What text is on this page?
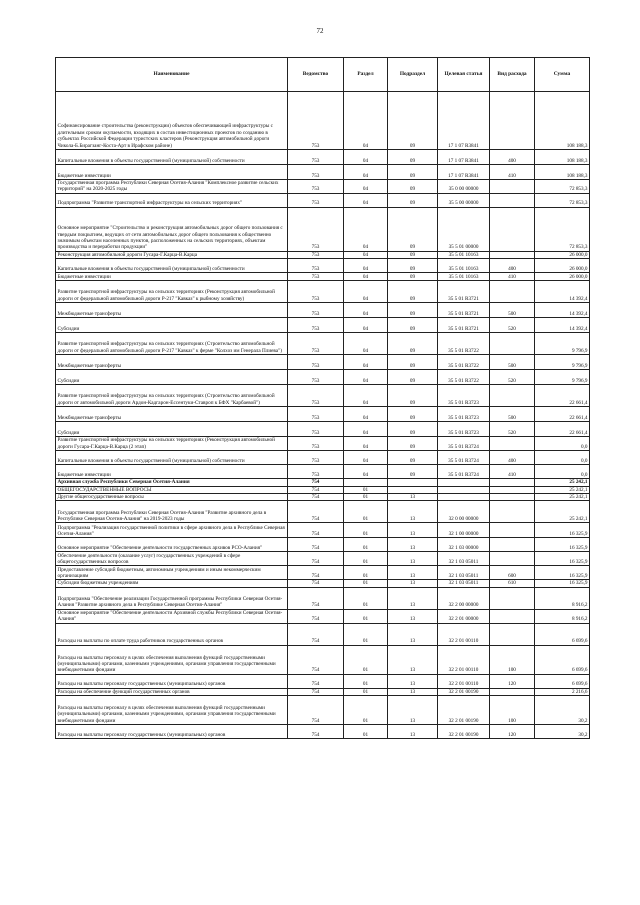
72
Наименование	Ведомство	Раздел	Подраздел	Целевая статья	Вид расхода	Сумма
Софинансирование строительства (реконструкции) объектов обеспечивающей инфраструктуры с длительным сроком окупаемости, входящих в состав инвестиционных проектов по созданию в субъектах Российской Федерации туристских кластеров (Реконструкция автомобильной дороги Чикола-Б.Бирагзанг-Коста-Арт в Ирафском районе)	753	04	09	17 1 07 R3841		108 188,3
Капитальные вложения в объекты государственной (муниципальной) собственности	753	04	09	17 1 07 R3841	400	108 188,3
Бюджетные инвестиции	753	04	09	17 1 07 R3841	410	108 188,3
Государственная программа Республики Северная Осетия-Алания "Комплексное развитие сельских территорий" на 2020-2025 годы	753	04	09	35 0 00 00000		72 853,3
Подпрограмма "Развитие транспортной инфраструктуры на сельских территориях"	753	04	09	35 5 00 00000		72 853,3
Основное мероприятие "Строительство и реконструкция автомобильных дорог общего пользования с твердым покрытием, ведущих от сети автомобильных дорог общего пользования к общественно значимым объектам населенных пунктов, расположенных на сельских территориях, объектам производства и переработки продукции"	753	04	09	35 5 01 00000		72 853,3
Реконструкция автомобильной дороги Гусара-Г.Карца-В.Карца	753	04	09	35 5 01 10163		26 000,0
Капитальные вложения в объекты государственной (муниципальной) собственности	753	04	09	35 5 01 10163	400	26 000,0
Бюджетные инвестиции	753	04	09	35 5 01 10163	410	26 000,0
Развитие транспортной инфраструктуры на сельских территориях (Реконструкция автомобильной дороги от федеральной автомобильной дороги Р-217 "Кавказ" к рыбному хозяйству)	753	04	09	35 5 01 R3721		14 392,4
Межбюджетные трансферты	753	04	09	35 5 01 R3721	500	14 392,4
Субсидии	753	04	09	35 5 01 R3721	520	14 392,4
Развитие транспортной инфраструктуры на сельских территориях (Строительство автомобильной дороги от федеральной автомобильной дороги Р-217 "Кавказ" к ферме "Колхоз им Генерала Плиева")	753	04	09	35 5 01 R3722		9 796,9
Межбюджетные трансферты	753	04	09	35 5 01 R3722	500	9 796,9
Субсидии	753	04	09	35 5 01 R3722	520	9 796,9
Развитие транспортной инфраструктуры на сельских территориях (Строительство автомобильной дороги от автомобильной дороги Ардон-Кадгарон-Ессентуки-Ставроп к БФХ "Карбаевой")	753	04	09	35 5 01 R3723		22 661,4
Межбюджетные трансферты	753	04	09	35 5 01 R3723	500	22 661,4
Субсидии	753	04	09	35 5 01 R3723	520	22 661,4
Развитие транспортной инфраструктуры на сельских территориях (Реконструкция автомобильной дороги Гусара-Г.Карца-В.Карца (2 этап)	753	04	09	35 5 01 R3724		0,0
Капитальные вложения в объекты государственной (муниципальной) собственности	753	04	09	35 5 01 R3724	400	0,0
Бюджетные инвестиции	753	04	09	35 5 01 R3724	410	0,0
Архивная служба Республики Северная Осетия-Алания	754					25 242,1
ОБЩЕГОСУДАРСТВЕННЫЕ ВОПРОСЫ	754	01				25 242,1
Другие общегосударственные вопросы	754	01	13			25 242,1
Государственная программа Республики Северная Осетия-Алания "Развитие архивного дела в Республике Северная Осетия-Алания" на 2019-2023 годы	754	01	13	32 0 00 00000		25 242,1
Подпрограмма "Реализация государственной политики в сфере архивного дела в Республике Северная Осетия-Алания"	754	01	13	32 1 00 00000		16 325,9
Основное мероприятие "Обеспечение деятельности государственных архивов РСО-Алания"	754	01	13	32 1 03 00000		16 325,9
Обеспечение деятельности (оказание услуг) государственных учреждений в сфере общегосударственных вопросов	754	01	13	32 1 03 05011		16 325,9
Предоставление субсидий бюджетным, автономным учреждениям и иным некоммерческим организациям	754	01	13	32 1 03 05011	600	16 325,9
Субсидии бюджетным учреждениям	754	01	13	32 1 03 05011	610	16 325,9
Подпрограмма "Обеспечение реализации Государственной программы Республики Северная Осетия-Алания "Развитие архивного дела в Республике Северная Осетия-Алания"	754	01	13	32 2 00 00000		8 916,2
Основное мероприятие "Обеспечение деятельности Архивной службы Республики Северная Осетия-Алания"	754	01	13	32 2 01 00000		8 916,2
Расходы на выплаты по оплате труда работников государственных органов	754	01	13	32 2 01 00110		6 699,6
Расходы на выплаты персоналу в целях обеспечения выполнения функций государственными (муниципальными) органами, казенными учреждениями, органами управления государственными внебюджетными фондами	754	01	13	32 2 01 00110	100	6 699,6
Расходы на выплаты персоналу государственных (муниципальных) органов	754	01	13	32 2 01 00110	120	6 699,6
Расходы на обеспечение функций государственных органов	754	01	13	32 2 01 00190		2 216,6
Расходы на выплаты персоналу в целях обеспечения выполнения функций государственными (муниципальными) органами, казенными учреждениями, органами управления государственными внебюджетными фондами	754	01	13	32 2 01 00190	100	30,2
Расходы на выплаты персоналу государственных (муниципальных) органов	754	01	13	32 2 01 00190	120	30,2
